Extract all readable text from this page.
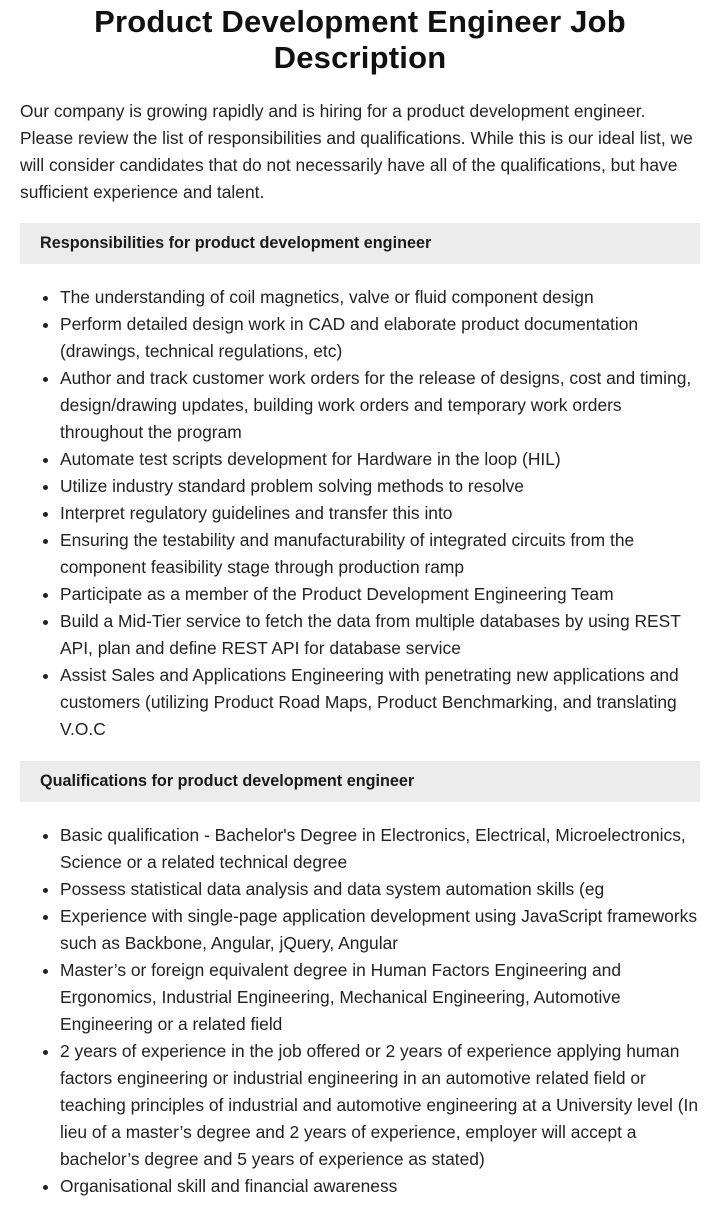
Product Development Engineer Job Description

Our company is growing rapidly and is hiring for a product development engineer. Please review the list of responsibilities and qualifications. While this is our ideal list, we will consider candidates that do not necessarily have all of the qualifications, but have sufficient experience and talent.

Responsibilities for product development engineer
• The understanding of coil magnetics, valve or fluid component design
• Perform detailed design work in CAD and elaborate product documentation (drawings, technical regulations, etc)
• Author and track customer work orders for the release of designs, cost and timing, design/drawing updates, building work orders and temporary work orders throughout the program
• Automate test scripts development for Hardware in the loop (HIL)
• Utilize industry standard problem solving methods to resolve
• Interpret regulatory guidelines and transfer this into
• Ensuring the testability and manufacturability of integrated circuits from the component feasibility stage through production ramp
• Participate as a member of the Product Development Engineering Team
• Build a Mid-Tier service to fetch the data from multiple databases by using REST API, plan and define REST API for database service
• Assist Sales and Applications Engineering with penetrating new applications and customers (utilizing Product Road Maps, Product Benchmarking, and translating V.O.C
Qualifications for product development engineer
• Basic qualification - Bachelor's Degree in Electronics, Electrical, Microelectronics, Science or a related technical degree
• Possess statistical data analysis and data system automation skills (eg
• Experience with single-page application development using JavaScript frameworks such as Backbone, Angular, jQuery, Angular
• Master’s or foreign equivalent degree in Human Factors Engineering and Ergonomics, Industrial Engineering, Mechanical Engineering, Automotive Engineering or a related field
• 2 years of experience in the job offered or 2 years of experience applying human factors engineering or industrial engineering in an automotive related field or teaching principles of industrial and automotive engineering at a University level (In lieu of a master’s degree and 2 years of experience, employer will accept a bachelor’s degree and 5 years of experience as stated)
• Organisational skill and financial awareness
